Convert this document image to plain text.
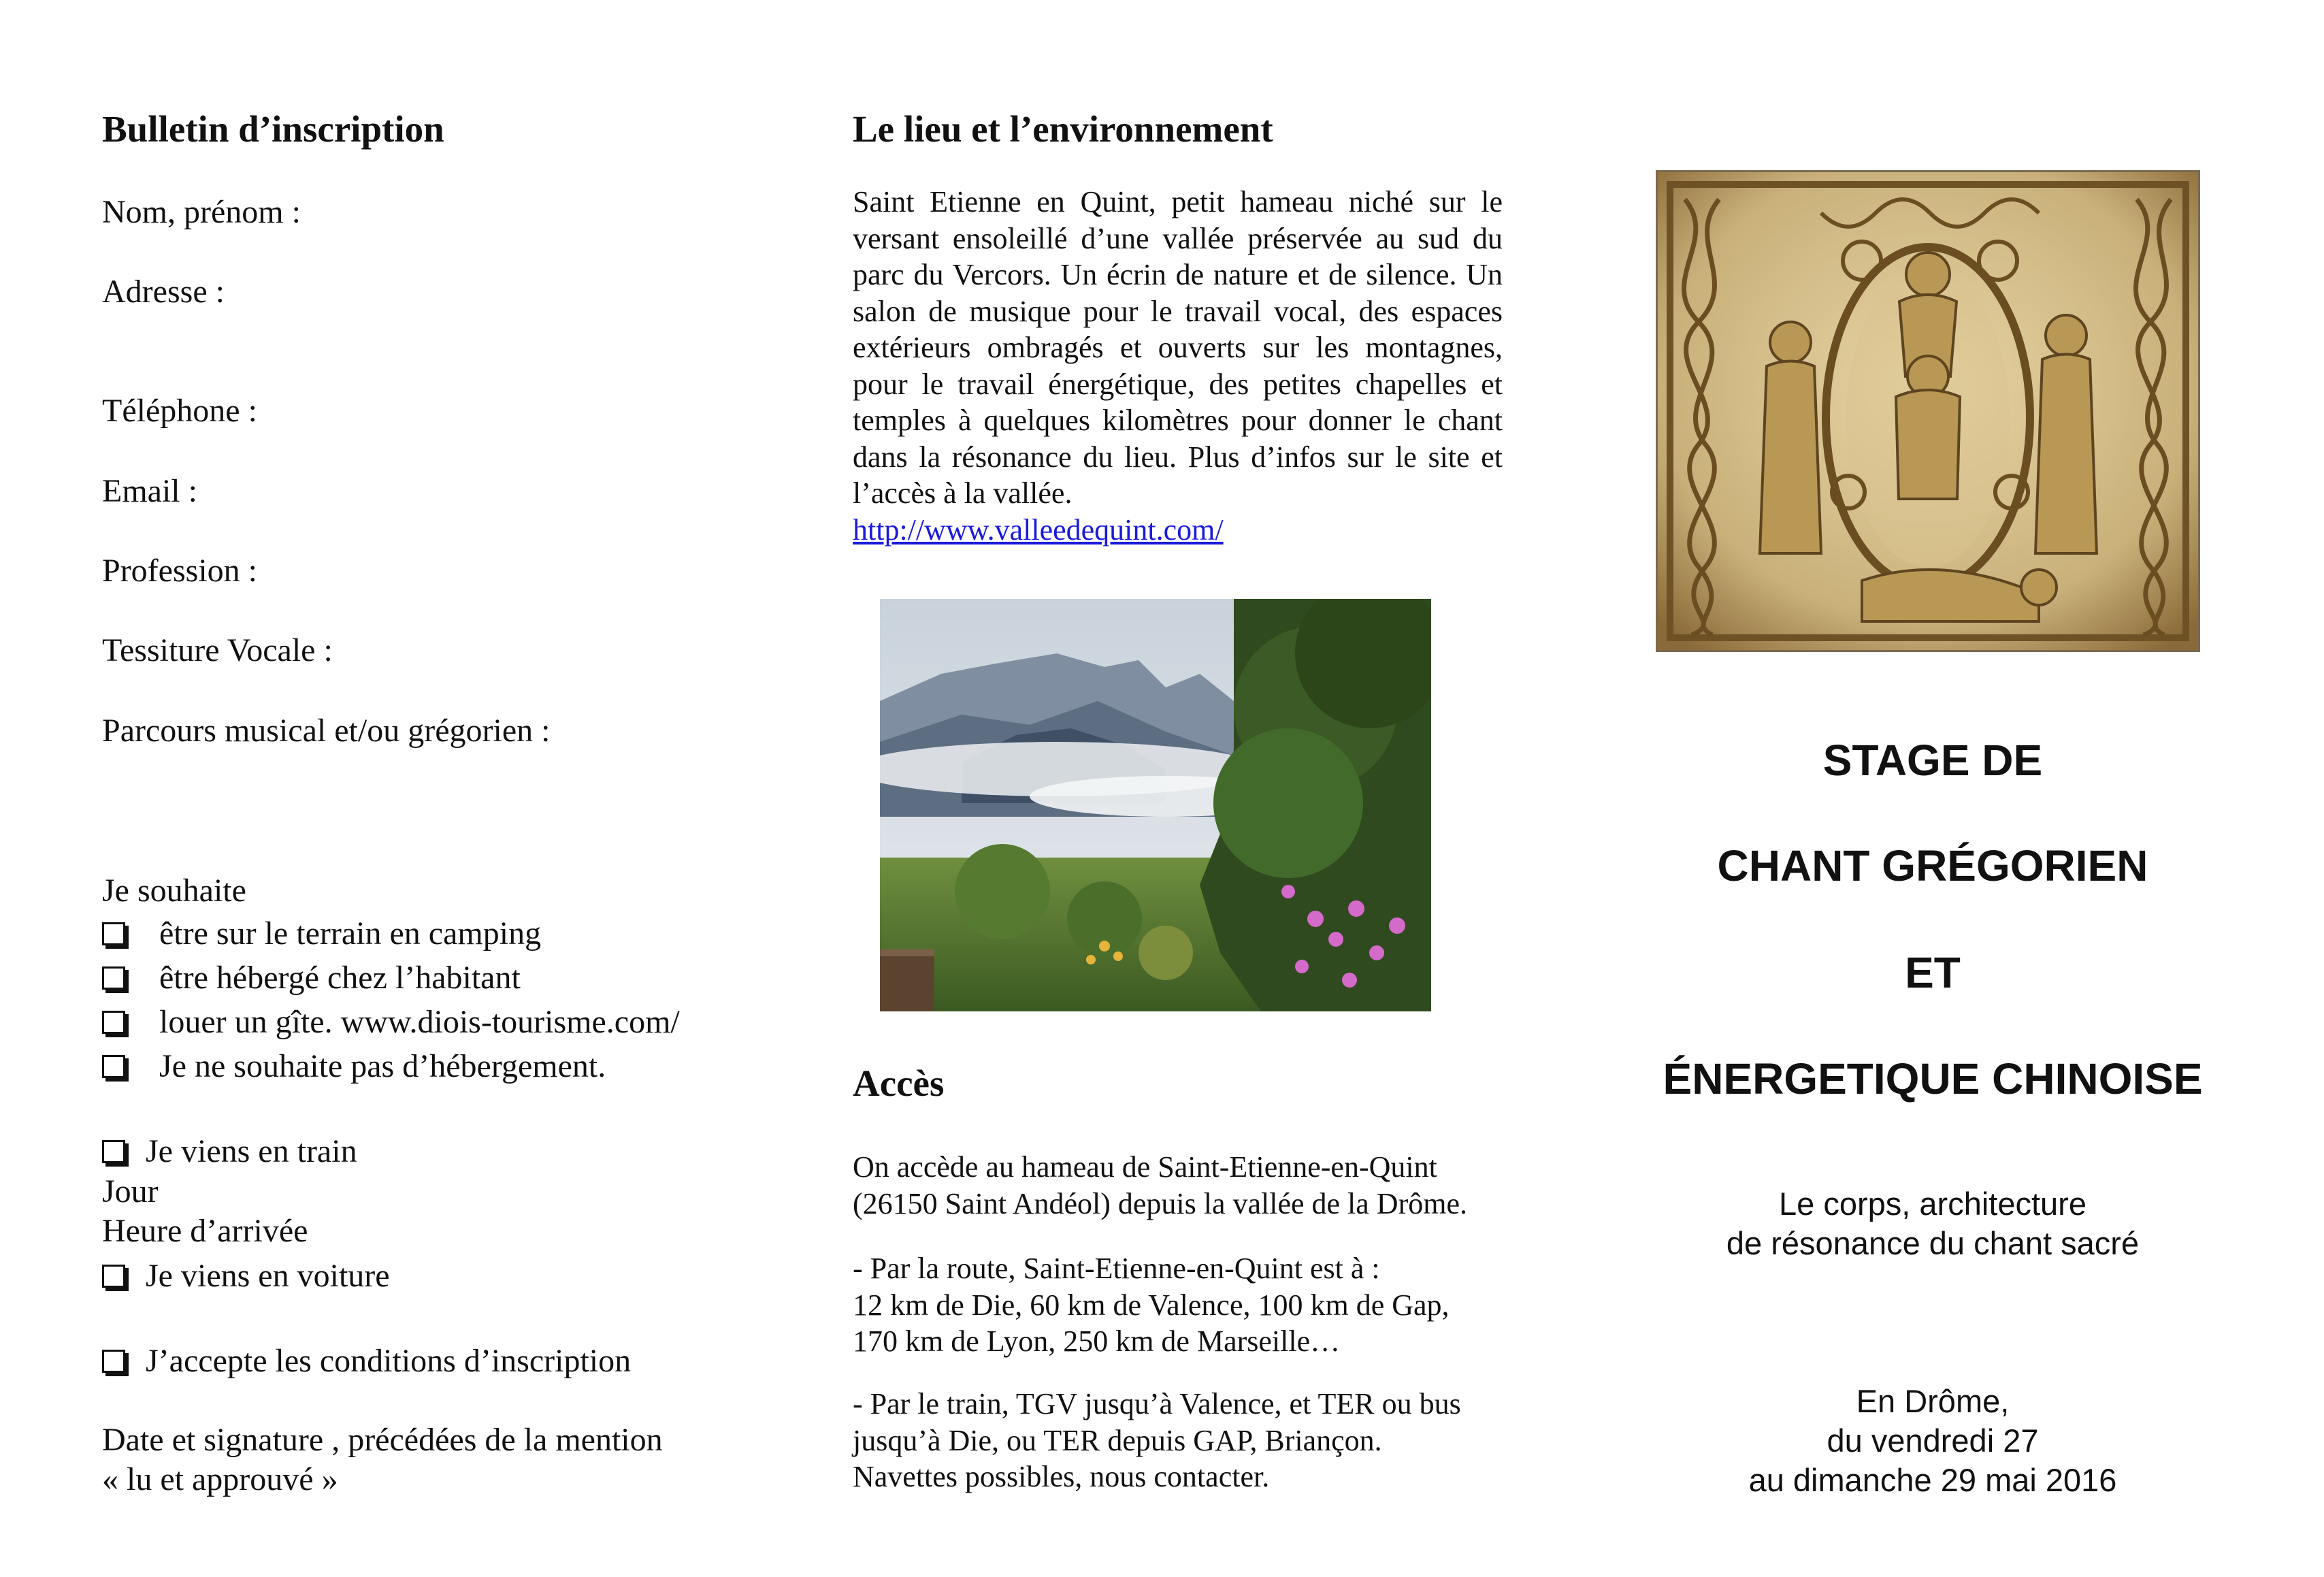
Bulletin d’inscription
Nom, prénom :
Adresse :
Téléphone :
Email :
Profession :
Tessiture Vocale :
Parcours musical et/ou grégorien :
Je souhaite
être sur le terrain en camping
être hébergé chez l’habitant
louer un gîte. www.diois-tourisme.com/
Je ne souhaite pas d’hébergement.
Je viens en train
Jour
Heure d’arrivée
Je viens en voiture
J’accepte les conditions d’inscription
Date et signature , précédées de la mention
« lu et approuvé »
Le lieu et l’environnement
Saint Etienne en Quint, petit hameau niché sur le versant ensoleillé d’une vallée préservée au sud du parc du Vercors. Un écrin de nature et de silence. Un salon de musique pour le travail vocal, des espaces extérieurs ombragés et ouverts sur les montagnes, pour le travail énergétique, des petites chapelles et temples à quelques kilomètres pour donner le chant dans la résonance du lieu. Plus d’infos sur le site et l’accès à la vallée.
http://www.valleedequint.com/
Accès
On accède au hameau de Saint-Etienne-en-Quint
(26150 Saint Andéol) depuis la vallée de la Drôme.
- Par la route, Saint-Etienne-en-Quint est à :
12 km de Die, 60 km de Valence, 100 km de Gap,
170 km de Lyon, 250 km de Marseille…
- Par le train, TGV jusqu’à Valence, et TER ou bus
jusqu’à Die, ou TER depuis GAP, Briançon.
Navettes possibles, nous contacter.
STAGE DE
CHANT GRÉGORIEN
ET
ÉNERGETIQUE CHINOISE
Le corps, architecture
de résonance du chant sacré
En Drôme,
du vendredi 27
au dimanche 29 mai 2016
